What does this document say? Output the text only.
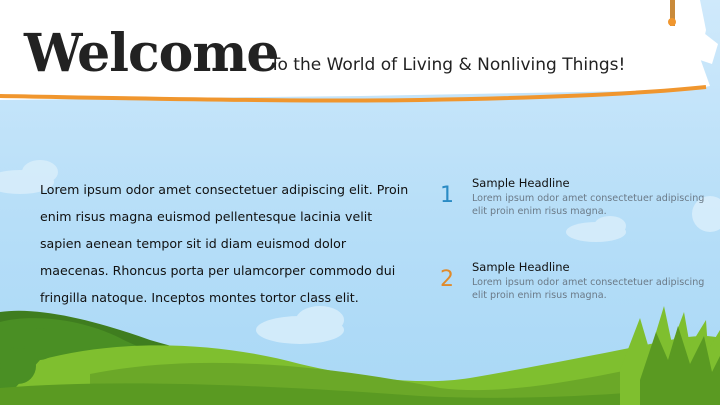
Welcome
To the World of Living & Nonliving Things!

Lorem ipsum odor amet consectetuer adipiscing elit. Proin enim risus magna euismod pellentesque lacinia velit sapien aenean tempor sit id diam euismod dolor maecenas. Rhoncus porta per ulamcorper commodo dui fringilla natoque. Inceptos montes tortor class elit.

1 Sample Headline

Lorem ipsum odor amet consectetuer adipiscing elit proin enim risus magna.

2 Sample Headline

Lorem ipsum odor amet consectetuer adipiscing elit proin enim risus magna.
